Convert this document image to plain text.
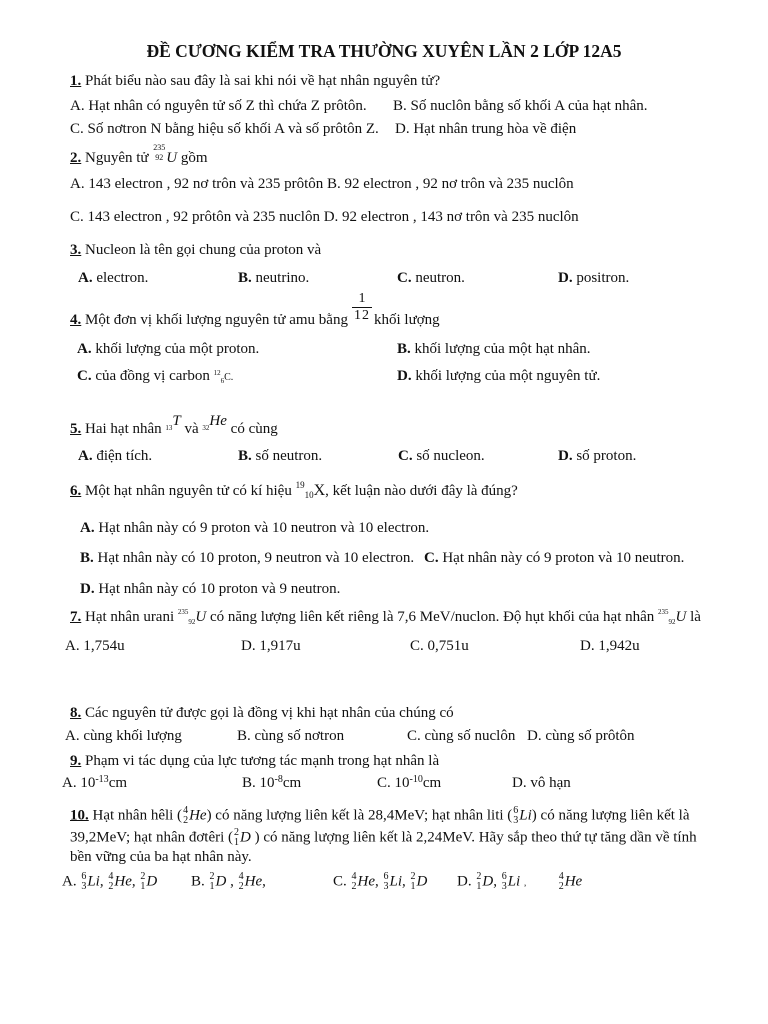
ĐỀ CƯƠNG KIỂM TRA THƯỜNG XUYÊN LẦN 2 LỚP 12A5
1. Phát biểu nào sau đây là sai khi nói về hạt nhân nguyên tử?
A. Hạt nhân có nguyên tử số Z thì chứa Z prôtôn. B. Số nuclôn bằng số khối A của hạt nhân.
C. Số nơtron N bằng hiệu số khối A và số prôtôn Z. D. Hạt nhân trung hòa về điện
2. Nguyên tử
235
92 U gồm
A. 143 electron , 92 nơ trôn và 235 prôtôn B. 92 electron , 92 nơ trôn và 235 nuclôn
C. 143 electron , 92 prôtôn và 235 nuclôn D. 92 electron , 143 nơ trôn và 235 nuclôn
3. Nucleon là tên gọi chung của proton và
A. electron.	B. neutrino.	C. neutron.	D. positron.
4. Một đơn vị khối lượng nguyên tử amu bằng $\frac{1}{12}$ khối lượng
A. khối lượng của một proton.	B. khối lượng của một hạt nhân.
C. của đồng vị carbon $^{12}_6$C.	D. khối lượng của một nguyên tử.
5. Hai hạt nhân $^{13}$T và $^{32}$He có cùng
A. điện tích.	B. số neutron.	C. số nucleon.	D. số proton.
6. Một hạt nhân nguyên tử có kí hiệu $^{19}_{10}$X, kết luận nào dưới đây là đúng?
A. Hạt nhân này có 9 proton và 10 neutron và 10 electron.
B. Hạt nhân này có 10 proton, 9 neutron và 10 electron. C. Hạt nhân này có 9 proton và 10 neutron.
D. Hạt nhân này có 10 proton và 9 neutron.
7. Hạt nhân urani $^{235}_{92}$U có năng lượng liên kết riêng là 7,6 MeV/nuclon. Độ hụt khối của hạt nhân $^{235}_{92}$U là
A. 1,754u	D. 1,917u	C. 0,751u	D. 1,942u
8. Các nguyên tử được gọi là đồng vị khi hạt nhân của chúng có
A. cùng khối lượng	B. cùng số nơtron	C. cùng số nuclôn D. cùng số prôtôn
9. Phạm vi tác dụng của lực tương tác mạnh trong hạt nhân là
A. $10^{-13}cm$	B. $10^{-8}cm$	C. $10^{-10}cm$	D. vô hạn
10. Hạt nhân hêli ( 4
2 He) có năng lượng liên kết là 28,4MeV; hạt nhân liti ( 6
3 Li) có năng lượng liên kết là
39,2MeV; hạt nhân đơtêri ( 2
1 D ) có năng lượng liên kết là 2,24MeV. Hãy sắp theo thứ tự tăng dần về tính
bền vững của ba hạt nhân này.
A. 6
3 Li, 4
2 He, 2
1 D B. 2
1 D , 4
2 He,	C. 4
2 He, 6
3 Li, 2
1 D D. 2
1 D, 6
3 Li ,
4
2 He
